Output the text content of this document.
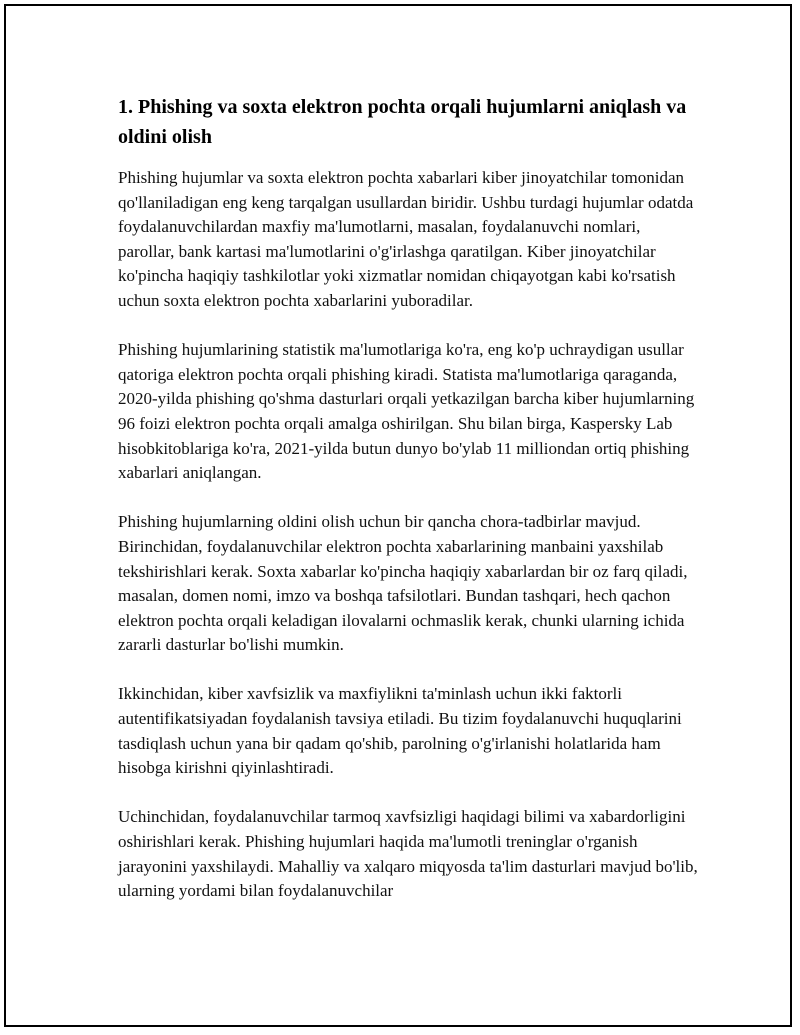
1. Phishing va soxta elektron pochta orqali hujumlarni aniqlash va oldini olish

Phishing hujumlar va soxta elektron pochta xabarlari kiber jinoyatchilar tomonidan qo'llaniladigan eng keng tarqalgan usullardan biridir. Ushbu turdagi hujumlar odatda foydalanuvchilardan maxfiy ma'lumotlarni, masalan, foydalanuvchi nomlari, parollar, bank kartasi ma'lumotlarini o'g'irlashga qaratilgan. Kiber jinoyatchilar ko'pincha haqiqiy tashkilotlar yoki xizmatlar nomidan chiqayotgan kabi ko'rsatish uchun soxta elektron pochta xabarlarini yuboradilar.

Phishing hujumlarining statistik ma'lumotlariga ko'ra, eng ko'p uchraydigan usullar qatoriga elektron pochta orqali phishing kiradi. Statista ma'lumotlariga qaraganda, 2020-yilda phishing qo'shma dasturlari orqali yetkazilgan barcha kiber hujumlarning 96 foizi elektron pochta orqali amalga oshirilgan. Shu bilan birga, Kaspersky Lab hisobkitoblariga ko'ra, 2021-yilda butun dunyo bo'ylab 11 milliondan ortiq phishing xabarlari aniqlangan.

Phishing hujumlarning oldini olish uchun bir qancha chora-tadbirlar mavjud. Birinchidan, foydalanuvchilar elektron pochta xabarlarining manbaini yaxshilab tekshirishlari kerak. Soxta xabarlar ko'pincha haqiqiy xabarlardan bir oz farq qiladi, masalan, domen nomi, imzo va boshqa tafsilotlari. Bundan tashqari, hech qachon elektron pochta orqali keladigan ilovalarni ochmaslik kerak, chunki ularning ichida zararli dasturlar bo'lishi mumkin.

Ikkinchidan, kiber xavfsizlik va maxfiylikni ta'minlash uchun ikki faktorli autentifikatsiyadan foydalanish tavsiya etiladi. Bu tizim foydalanuvchi huquqlarini tasdiqlash uchun yana bir qadam qo'shib, parolning o'g'irlanishi holatlarida ham hisobga kirishni qiyinlashtiradi.

Uchinchidan, foydalanuvchilar tarmoq xavfsizligi haqidagi bilimi va xabardorligini oshirishlari kerak. Phishing hujumlari haqida ma'lumotli treninglar o'rganish jarayonini yaxshilaydi. Mahalliy va xalqaro miqyosda ta'lim dasturlari mavjud bo'lib, ularning yordami bilan foydalanuvchilar
